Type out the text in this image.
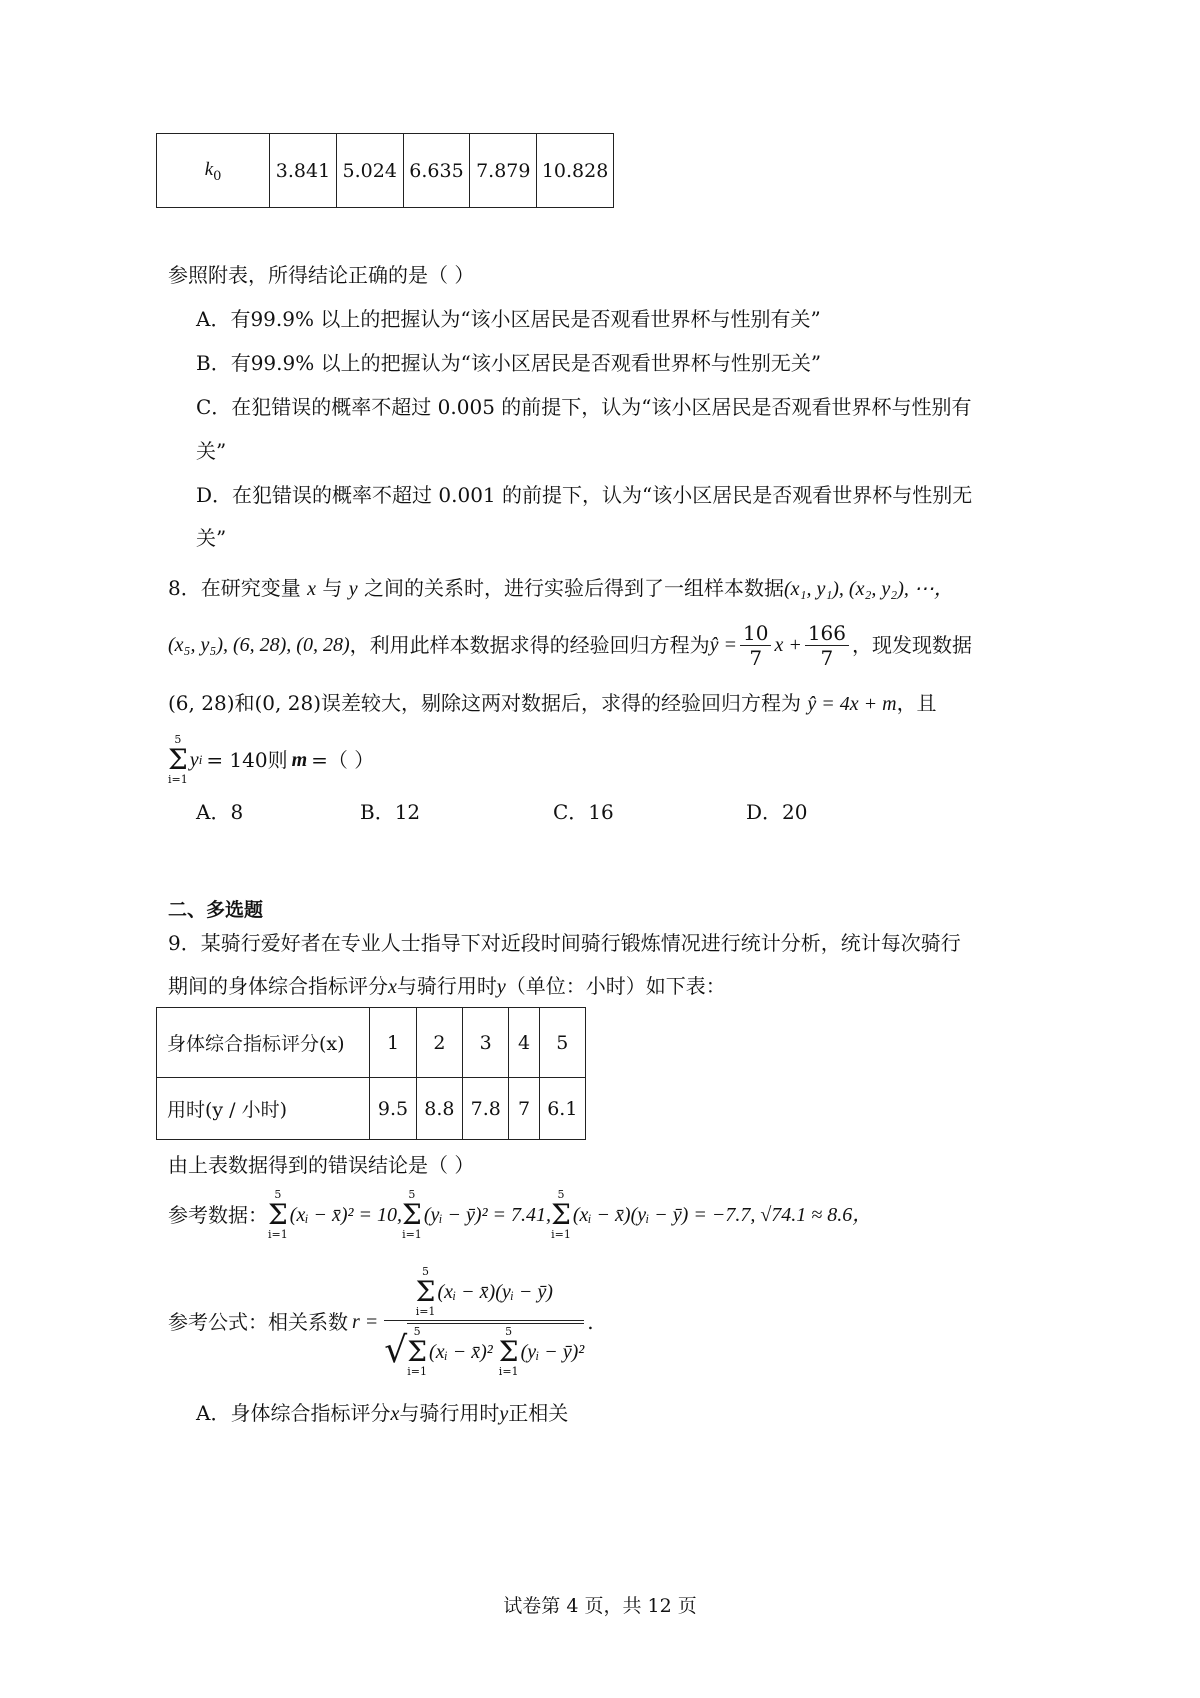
$k_0$	3.841	5.024	6.635	7.879	10.828
参照附表，所得结论正确的是（ ）
A．有99.9% 以上的把握认为“该小区居民是否观看世界杯与性别有关”
B．有99.9% 以上的把握认为“该小区居民是否观看世界杯与性别无关”
C．在犯错误的概率不超过 0.005 的前提下，认为“该小区居民是否观看世界杯与性别有
关”
D．在犯错误的概率不超过 0.001 的前提下，认为“该小区居民是否观看世界杯与性别无
关”
8．在研究变量 x 与 y 之间的关系时，进行实验后得到了一组样本数据(x₁, y₁), (x₂, y₂), ⋯，
(x₅, y₅), (6, 28), (0, 28) ，利用此样本数据求得的经验回归方程为 ŷ = $\frac{10}{7}$ $x + \frac{166}{7}$ ，现发现数据
(6, 28)和(0, 28)误差较大，剔除这两对数据后，求得的经验回归方程为 ŷ = 4x + m，且
5
Σ
i=1
y i = 140 则 m =（ ）
A．8	B．12	C．16	D．20
二、多选题
9．某骑行爱好者在专业人士指导下对近段时间骑行锻炼情况进行统计分析，统计每次骑行
期间的身体综合指标评分x与骑行用时y（单位：小时）如下表：
身体综合指标评分(x)	1	2	3	4	5
用时(y / 小时)	9.5	8.8	7.8	7	6.1
由上表数据得到的错误结论是（ ）
参考数据：
5
Σ
i=1
(xᵢ − x̄)² = 10,
5
Σ
i=1
(yᵢ − ȳ)² = 7.41,
5
Σ
i=1
(xᵢ − x̄)(yᵢ − ȳ) = −7.7, √74.1 ≈ 8.6，
参考公式：相关系数 r =
5
Σ
i=1
(xᵢ − x̄)(yᵢ − ȳ)
√ 5
Σ
i=1
(xᵢ − x̄)²
5
Σ
i=1
(yᵢ − ȳ)²
.
A．身体综合指标评分x与骑行用时y正相关
试卷第 4 页，共 12 页
